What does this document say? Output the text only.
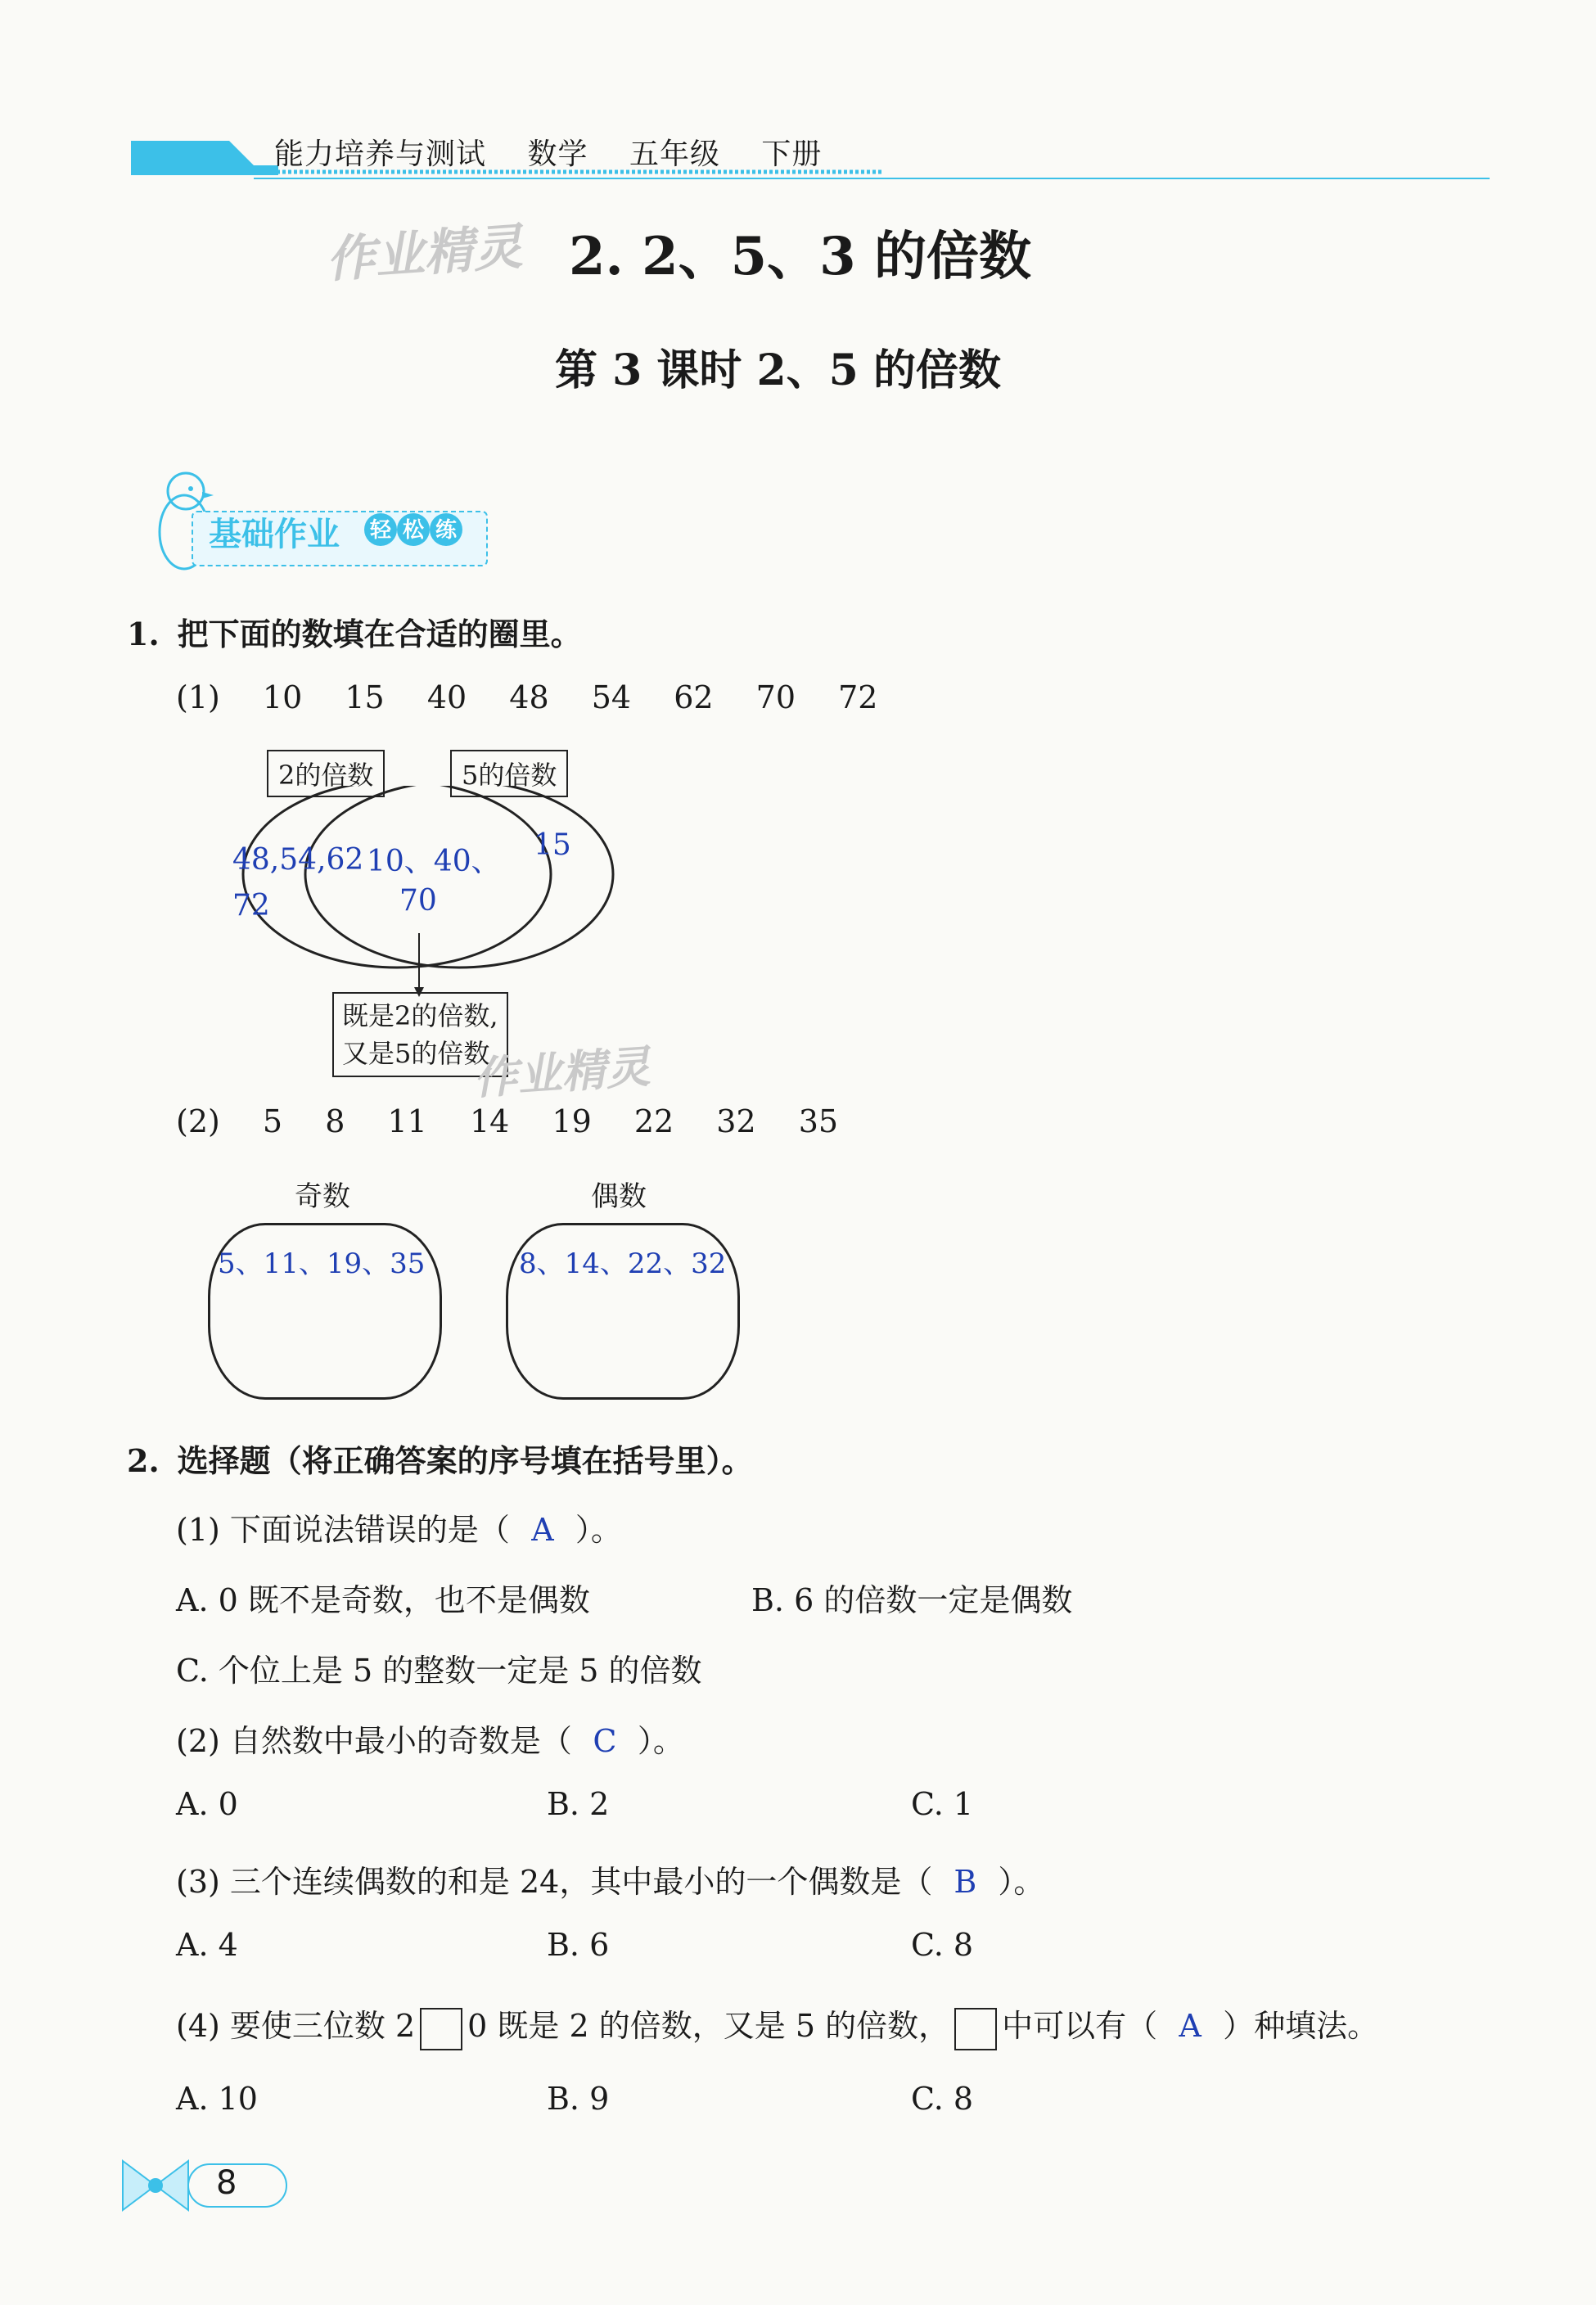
能力培养与测试 数学 五年级 下册
作业精灵 2. 2、5、3 的倍数
第 3 课时 2、5 的倍数
基础作业 轻 松 练
1. 把下面的数填在合适的圈里。
(1) 10 15 40 48 54 62 70 72
2的倍数	5的倍数
48,54,62
72
10、40、
70
15
既是2的倍数,
又是5的倍数
作业精灵
(2) 5 8 11 14 19 22 32 35
奇数	偶数
5、11、19、35	8、14、22、32
2. 选择题（将正确答案的序号填在括号里）。
(1) 下面说法错误的是（ A ）。
A. 0 既不是奇数，也不是偶数	B. 6 的倍数一定是偶数
C. 个位上是 5 的整数一定是 5 的倍数
(2) 自然数中最小的奇数是（ C ）。
A. 0	B. 2	C. 1
(3) 三个连续偶数的和是 24，其中最小的一个偶数是（ B ）。
A. 4	B. 6	C. 8
(4) 要使三位数 2 0 既是 2 的倍数，又是 5 的倍数， 中可以有（ A ）种填法。
A. 10	B. 9	C. 8
8
